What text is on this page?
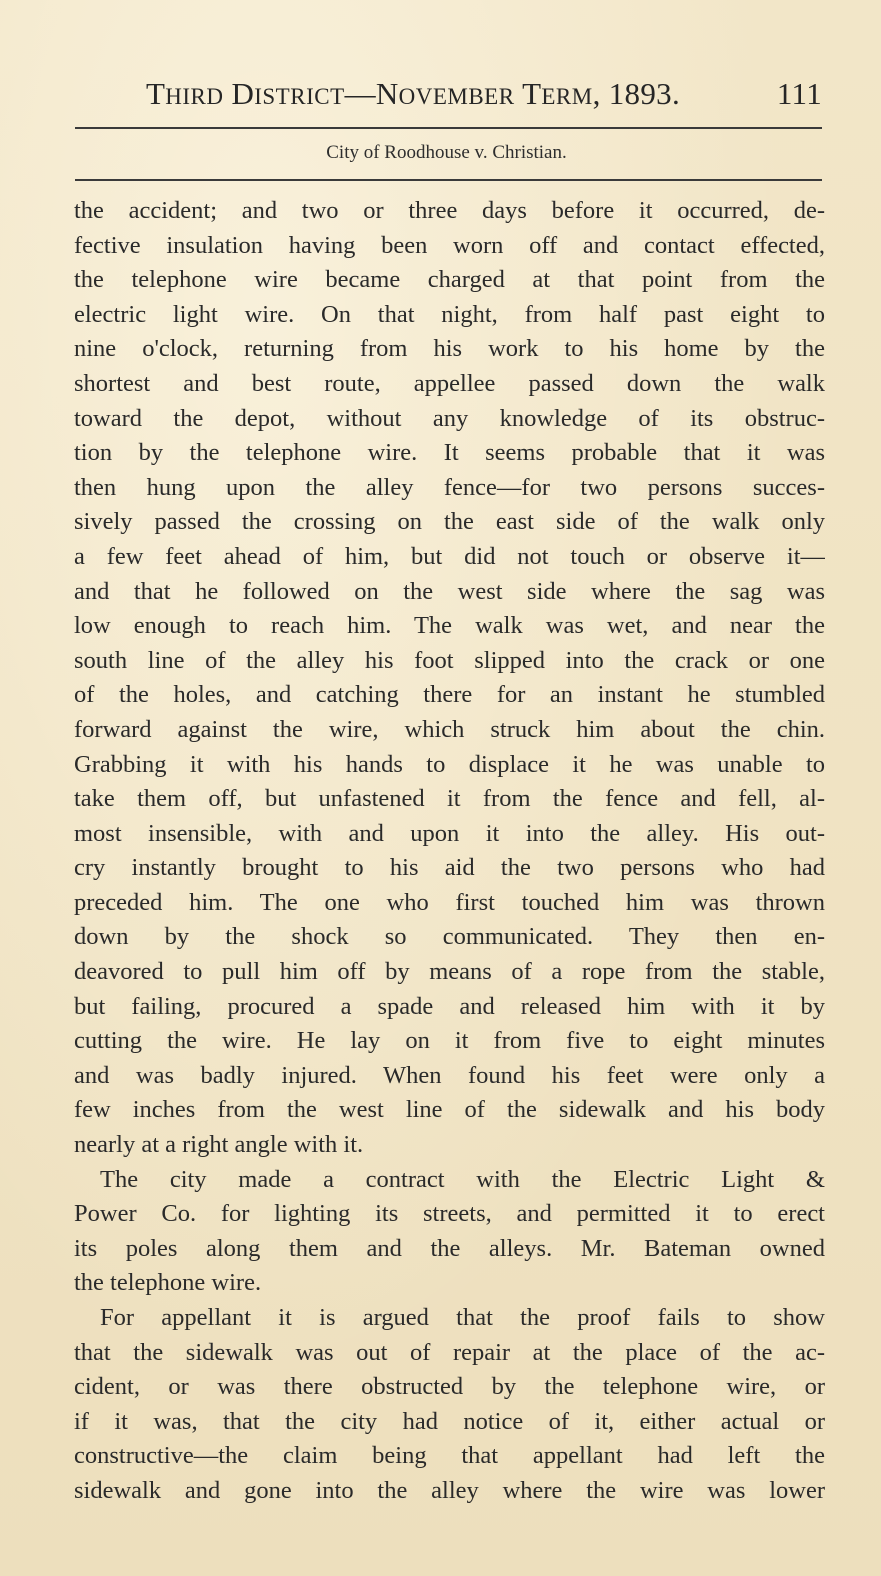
THIRD DISTRICT—NOVEMBER TERM, 1893.	111
City of Roodhouse v. Christian.
the accident; and two or three days before it occurred, de-
fective insulation having been worn off and contact effected,
the telephone wire became charged at that point from the
electric light wire. On that night, from half past eight to
nine o'clock, returning from his work to his home by the
shortest and best route, appellee passed down the walk
toward the depot, without any knowledge of its obstruc-
tion by the telephone wire. It seems probable that it was
then hung upon the alley fence—for two persons succes-
sively passed the crossing on the east side of the walk only
a few feet ahead of him, but did not touch or observe it—
and that he followed on the west side where the sag was
low enough to reach him. The walk was wet, and near the
south line of the alley his foot slipped into the crack or one
of the holes, and catching there for an instant he stumbled
forward against the wire, which struck him about the chin.
Grabbing it with his hands to displace it he was unable to
take them off, but unfastened it from the fence and fell, al-
most insensible, with and upon it into the alley. His out-
cry instantly brought to his aid the two persons who had
preceded him. The one who first touched him was thrown
down by the shock so communicated. They then en-
deavored to pull him off by means of a rope from the stable,
but failing, procured a spade and released him with it by
cutting the wire. He lay on it from five to eight minutes
and was badly injured. When found his feet were only a
few inches from the west line of the sidewalk and his body
nearly at a right angle with it.
The city made a contract with the Electric Light &
Power Co. for lighting its streets, and permitted it to erect
its poles along them and the alleys. Mr. Bateman owned
the telephone wire.
For appellant it is argued that the proof fails to show
that the sidewalk was out of repair at the place of the ac-
cident, or was there obstructed by the telephone wire, or
if it was, that the city had notice of it, either actual or
constructive—the claim being that appellant had left the
sidewalk and gone into the alley where the wire was lower
